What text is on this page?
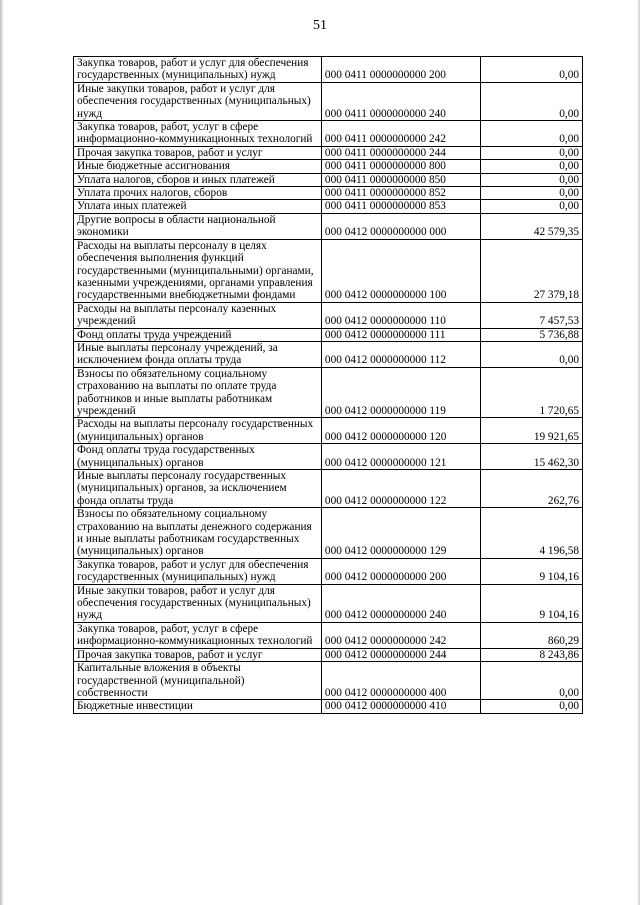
51
Закупка товаров, работ и услуг для обеспечения государственных (муниципальных) нужд	000 0411 0000000000 200	0,00
Иные закупки товаров, работ и услуг для обеспечения государственных (муниципальных) нужд	000 0411 0000000000 240	0,00
Закупка товаров, работ, услуг в сфере информационно-коммуникационных технологий	000 0411 0000000000 242	0,00
Прочая закупка товаров, работ и услуг	000 0411 0000000000 244	0,00
Иные бюджетные ассигнования	000 0411 0000000000 800	0,00
Уплата налогов, сборов и иных платежей	000 0411 0000000000 850	0,00
Уплата прочих налогов, сборов	000 0411 0000000000 852	0,00
Уплата иных платежей	000 0411 0000000000 853	0,00
Другие вопросы в области национальной экономики	000 0412 0000000000 000	42 579,35
Расходы на выплаты персоналу в целях обеспечения выполнения функций государственными (муниципальными) органами, казенными учреждениями, органами управления государственными внебюджетными фондами	000 0412 0000000000 100	27 379,18
Расходы на выплаты персоналу казенных учреждений	000 0412 0000000000 110	7 457,53
Фонд оплаты труда учреждений	000 0412 0000000000 111	5 736,88
Иные выплаты персоналу учреждений, за исключением фонда оплаты труда	000 0412 0000000000 112	0,00
Взносы по обязательному социальному страхованию на выплаты по оплате труда работников и иные выплаты работникам учреждений	000 0412 0000000000 119	1 720,65
Расходы на выплаты персоналу государственных (муниципальных) органов	000 0412 0000000000 120	19 921,65
Фонд оплаты труда государственных (муниципальных) органов	000 0412 0000000000 121	15 462,30
Иные выплаты персоналу государственных (муниципальных) органов, за исключением фонда оплаты труда	000 0412 0000000000 122	262,76
Взносы по обязательному социальному страхованию на выплаты денежного содержания и иные выплаты работникам государственных (муниципальных) органов	000 0412 0000000000 129	4 196,58
Закупка товаров, работ и услуг для обеспечения государственных (муниципальных) нужд	000 0412 0000000000 200	9 104,16
Иные закупки товаров, работ и услуг для обеспечения государственных (муниципальных) нужд	000 0412 0000000000 240	9 104,16
Закупка товаров, работ, услуг в сфере информационно-коммуникационных технологий	000 0412 0000000000 242	860,29
Прочая закупка товаров, работ и услуг	000 0412 0000000000 244	8 243,86
Капитальные вложения в объекты государственной (муниципальной) собственности	000 0412 0000000000 400	0,00
Бюджетные инвестиции	000 0412 0000000000 410	0,00
